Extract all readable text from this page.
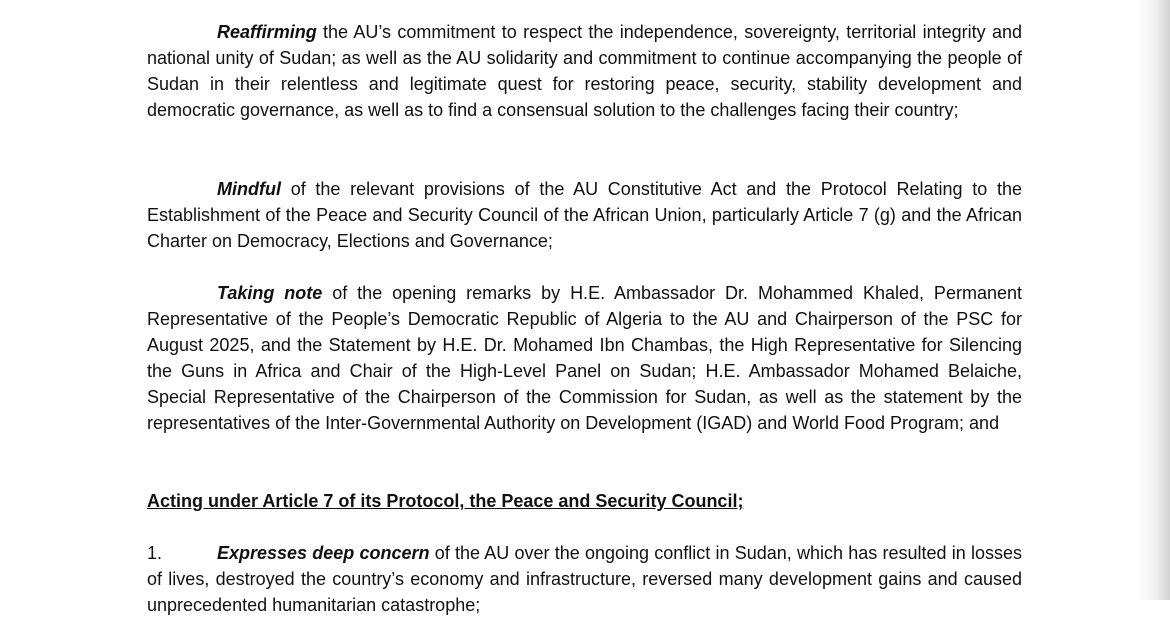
Reaffirming the AU’s commitment to respect the independence, sovereignty, territorial integrity and national unity of Sudan; as well as the AU solidarity and commitment to continue accompanying the people of Sudan in their relentless and legitimate quest for restoring peace, security, stability development and democratic governance, as well as to find a consensual solution to the challenges facing their country;

Mindful of the relevant provisions of the AU Constitutive Act and the Protocol Relating to the Establishment of the Peace and Security Council of the African Union, particularly Article 7 (g) and the African Charter on Democracy, Elections and Governance;

Taking note of the opening remarks by H.E. Ambassador Dr. Mohammed Khaled, Permanent Representative of the People’s Democratic Republic of Algeria to the AU and Chairperson of the PSC for August 2025, and the Statement by H.E. Dr. Mohamed Ibn Chambas, the High Representative for Silencing the Guns in Africa and Chair of the High-Level Panel on Sudan; H.E. Ambassador Mohamed Belaiche, Special Representative of the Chairperson of the Commission for Sudan, as well as the statement by the representatives of the Inter-Governmental Authority on Development (IGAD) and World Food Program; and

Acting under Article 7 of its Protocol, the Peace and Security Council;

1.	Expresses deep concern of the AU over the ongoing conflict in Sudan, which has resulted in losses of lives, destroyed the country’s economy and infrastructure, reversed many development gains and caused unprecedented humanitarian catastrophe;
